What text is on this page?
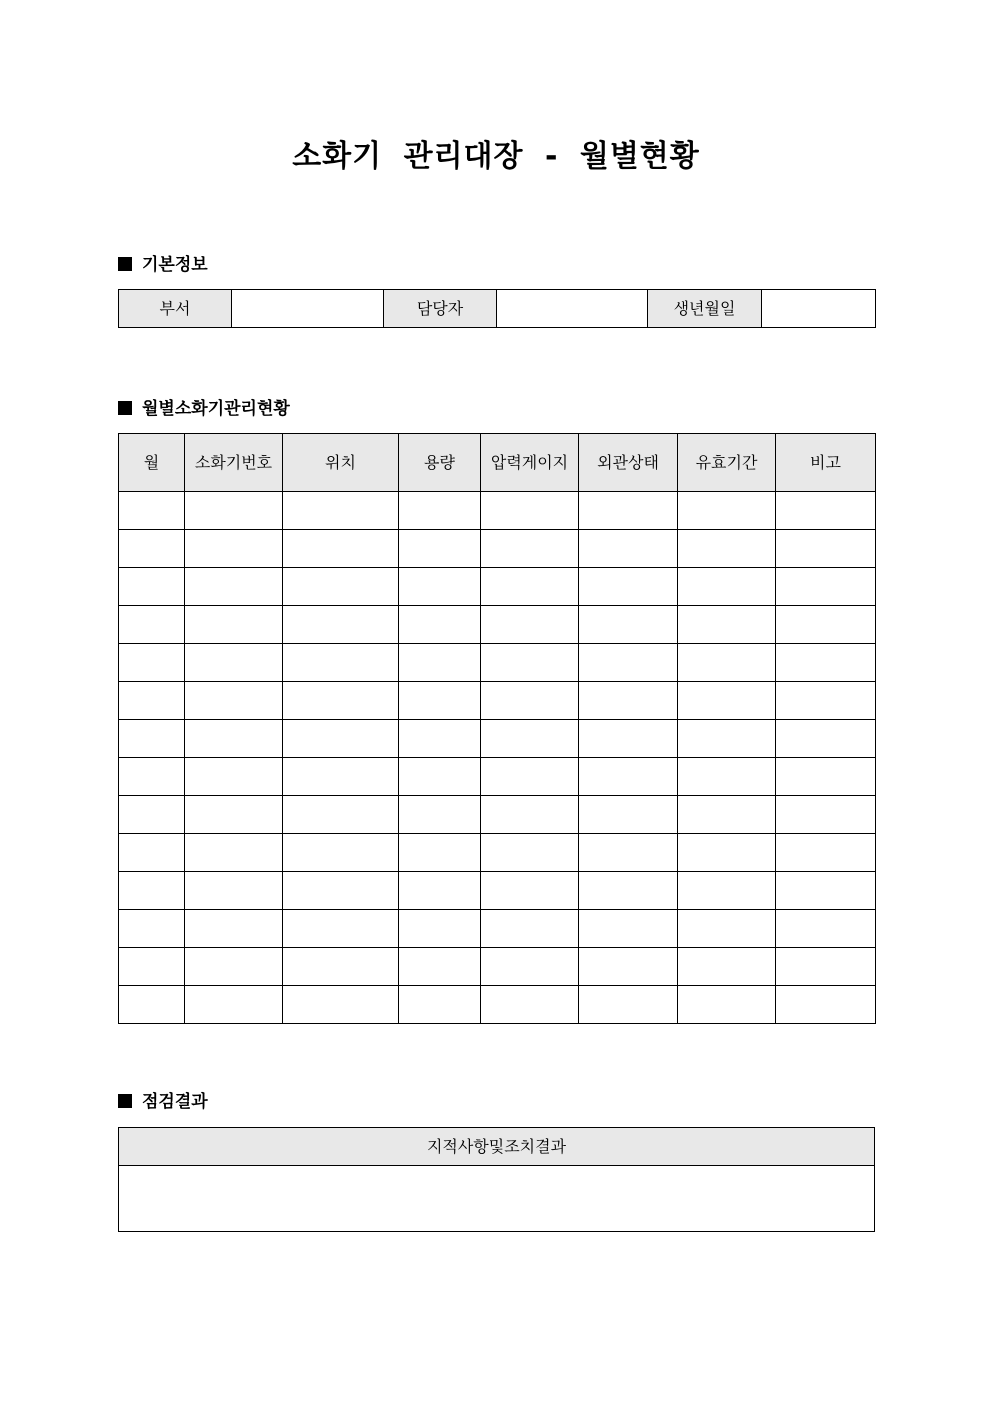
소화기 관리대장 - 월별현황
기본정보
부서		담당자		생년월일	
월별소화기관리현황
월	소화기번호	위치	용량	압력게이지	외관상태	유효기간	비고

점검결과
지적사항및조치결과
